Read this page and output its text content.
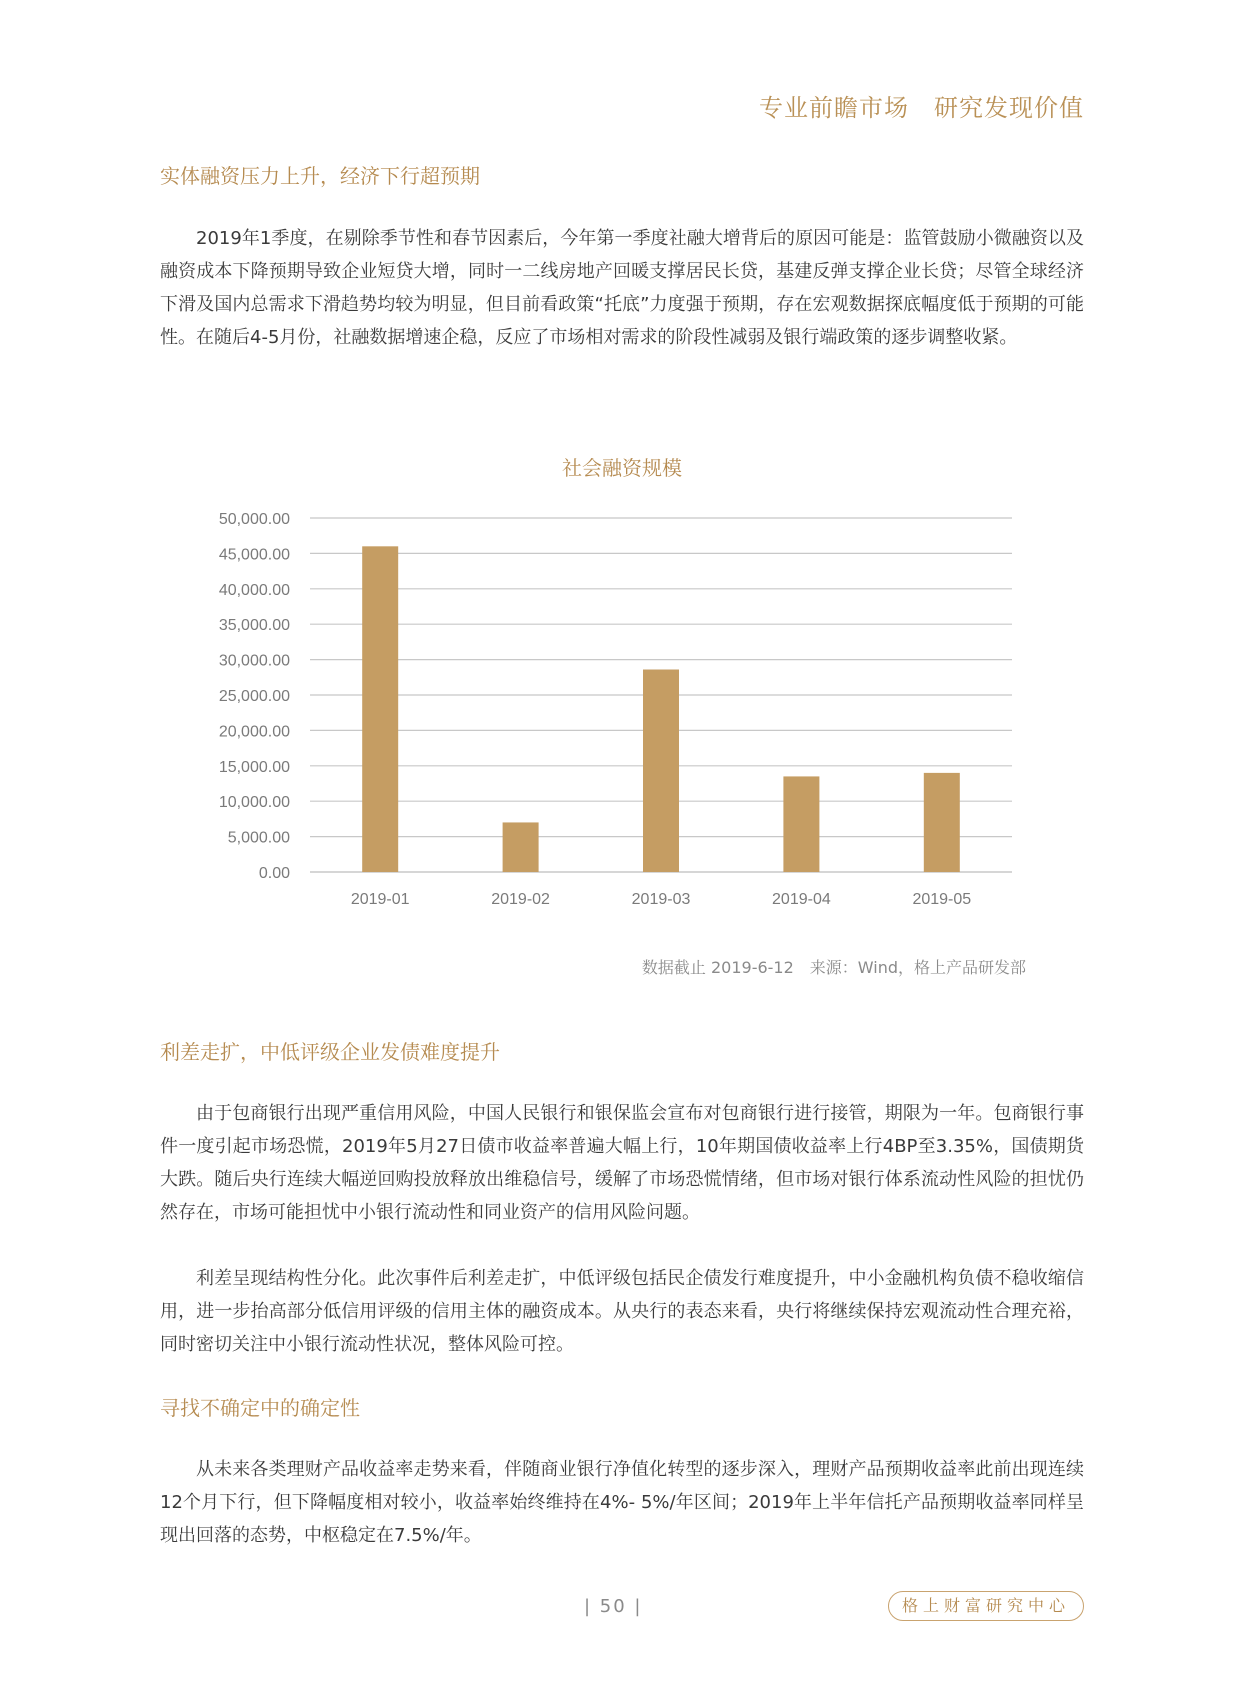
专业前瞻市场　研究发现价值
实体融资压力上升，经济下行超预期

2019年1季度，在剔除季节性和春节因素后，今年第一季度社融大增背后的原因可能是：监管鼓励小微融资以及融资成本下降预期导致企业短贷大增，同时一二线房地产回暖支撑居民长贷，基建反弹支撑企业长贷；尽管全球经济下滑及国内总需求下滑趋势均较为明显，但目前看政策“托底”力度强于预期，存在宏观数据探底幅度低于预期的可能性。在随后4-5月份，社融数据增速企稳，反应了市场相对需求的阶段性减弱及银行端政策的逐步调整收紧。

社会融资规模
0.00
5,000.00
10,000.00
15,000.00
20,000.00
25,000.00
30,000.00
35,000.00
40,000.00
45,000.00
50,000.00
2019-01	2019-02	2019-03	2019-04	2019-05
数据截止 2019-6-12　来源：Wind，格上产品研发部
利差走扩，中低评级企业发债难度提升

由于包商银行出现严重信用风险，中国人民银行和银保监会宣布对包商银行进行接管，期限为一年。包商银行事件一度引起市场恐慌，2019年5月27日债市收益率普遍大幅上行，10年期国债收益率上行4BP至3.35%，国债期货大跌。随后央行连续大幅逆回购投放释放出维稳信号，缓解了市场恐慌情绪，但市场对银行体系流动性风险的担忧仍然存在，市场可能担忧中小银行流动性和同业资产的信用风险问题。

利差呈现结构性分化。此次事件后利差走扩，中低评级包括民企债发行难度提升，中小金融机构负债不稳收缩信用，进一步抬高部分低信用评级的信用主体的融资成本。从央行的表态来看，央行将继续保持宏观流动性合理充裕，同时密切关注中小银行流动性状况，整体风险可控。

寻找不确定中的确定性

从未来各类理财产品收益率走势来看，伴随商业银行净值化转型的逐步深入，理财产品预期收益率此前出现连续12个月下行，但下降幅度相对较小，收益率始终维持在4%- 5%/年区间；2019年上半年信托产品预期收益率同样呈现出回落的态势，中枢稳定在7.5%/年。

| 50 |	格上财富研究中心
